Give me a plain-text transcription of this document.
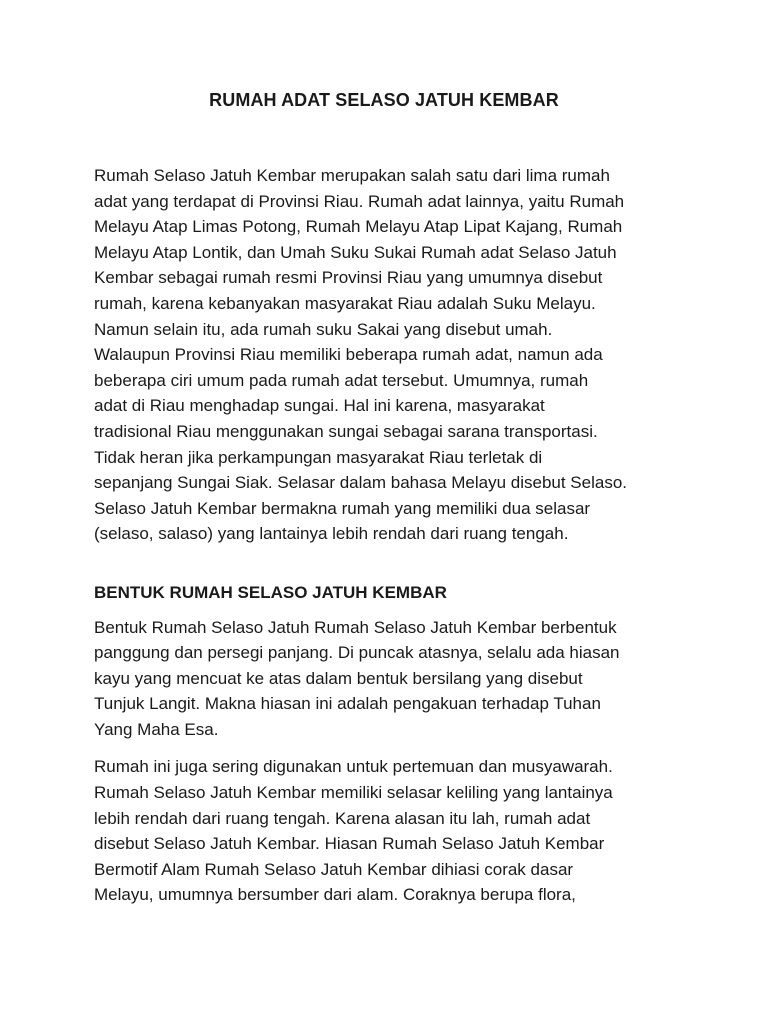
RUMAH ADAT SELASO JATUH KEMBAR
Rumah Selaso Jatuh Kembar merupakan salah satu dari lima rumah
adat yang terdapat di Provinsi Riau. Rumah adat lainnya, yaitu Rumah
Melayu Atap Limas Potong, Rumah Melayu Atap Lipat Kajang, Rumah
Melayu Atap Lontik, dan Umah Suku Sukai Rumah adat Selaso Jatuh
Kembar sebagai rumah resmi Provinsi Riau yang umumnya disebut
rumah, karena kebanyakan masyarakat Riau adalah Suku Melayu.
Namun selain itu, ada rumah suku Sakai yang disebut umah.
Walaupun Provinsi Riau memiliki beberapa rumah adat, namun ada
beberapa ciri umum pada rumah adat tersebut. Umumnya, rumah
adat di Riau menghadap sungai. Hal ini karena, masyarakat
tradisional Riau menggunakan sungai sebagai sarana transportasi.
Tidak heran jika perkampungan masyarakat Riau terletak di
sepanjang Sungai Siak. Selasar dalam bahasa Melayu disebut Selaso.
Selaso Jatuh Kembar bermakna rumah yang memiliki dua selasar
(selaso, salaso) yang lantainya lebih rendah dari ruang tengah.
BENTUK RUMAH SELASO JATUH KEMBAR
Bentuk Rumah Selaso Jatuh Rumah Selaso Jatuh Kembar berbentuk
panggung dan persegi panjang. Di puncak atasnya, selalu ada hiasan
kayu yang mencuat ke atas dalam bentuk bersilang yang disebut
Tunjuk Langit. Makna hiasan ini adalah pengakuan terhadap Tuhan
Yang Maha Esa.
Rumah ini juga sering digunakan untuk pertemuan dan musyawarah.
Rumah Selaso Jatuh Kembar memiliki selasar keliling yang lantainya
lebih rendah dari ruang tengah. Karena alasan itu lah, rumah adat
disebut Selaso Jatuh Kembar. Hiasan Rumah Selaso Jatuh Kembar
Bermotif Alam Rumah Selaso Jatuh Kembar dihiasi corak dasar
Melayu, umumnya bersumber dari alam. Coraknya berupa flora,
